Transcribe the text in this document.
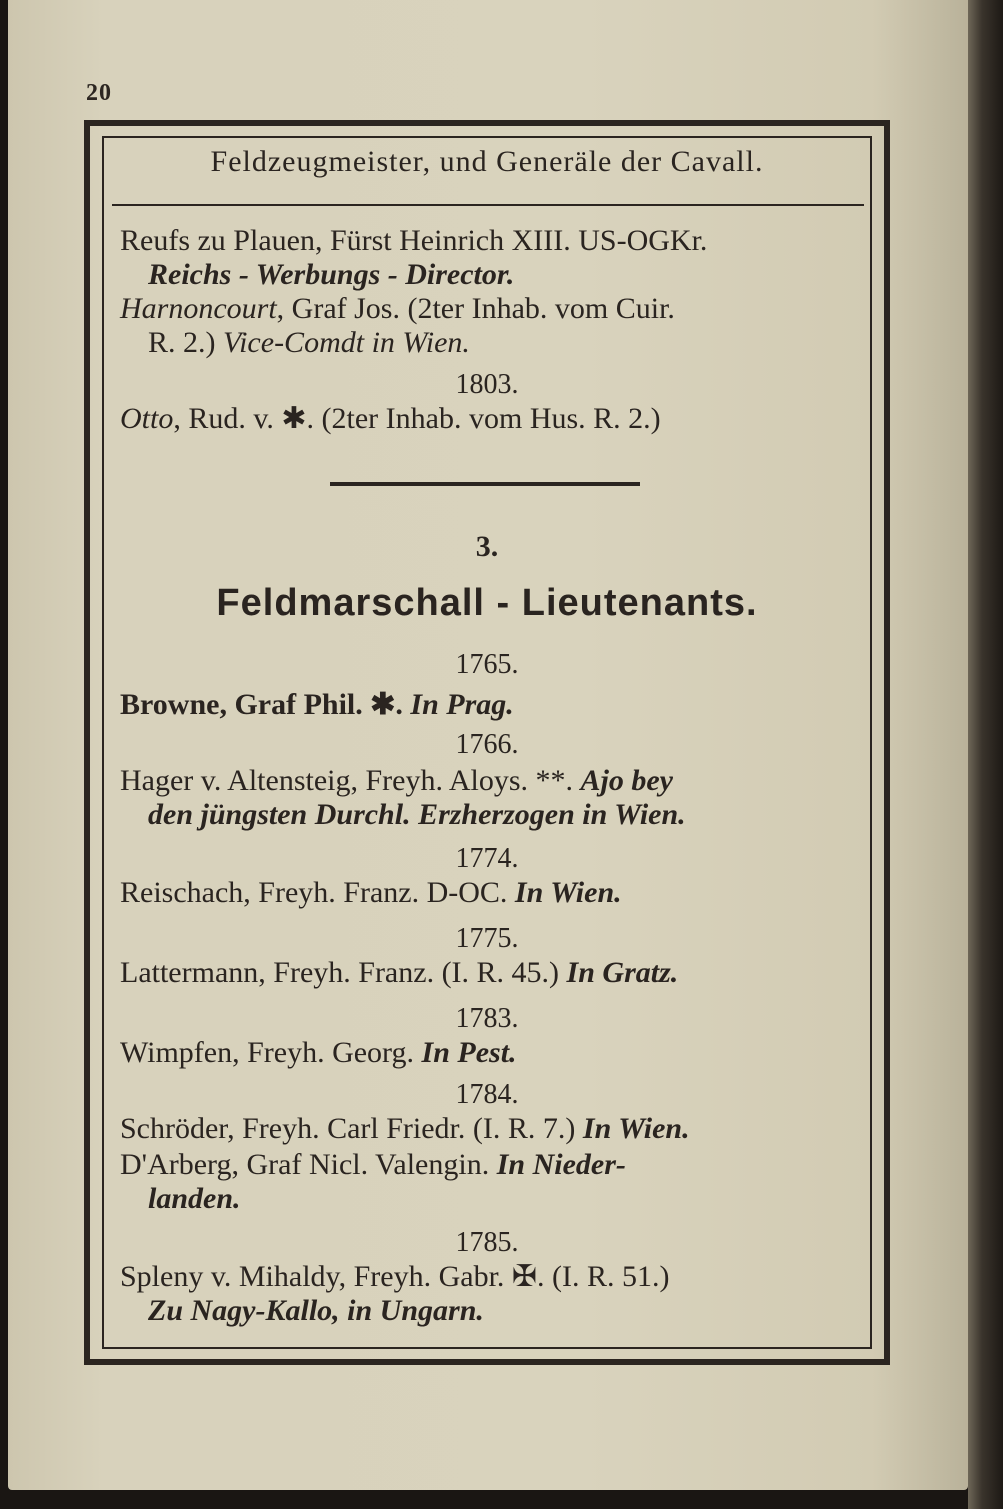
20
Feldzeugmeister, und Generäle der Cavall.
Reufs zu Plauen, Fürst Heinrich XIII. US-OGKr.
Reichs - Werbungs - Director.
Harnoncourt, Graf Jos. (2ter Inhab. vom Cuir.
R. 2.) Vice-Comdt in Wien.
1803.
Otto, Rud. v. ✱. (2ter Inhab. vom Hus. R. 2.)
3.
Feldmarschall - Lieutenants.
1765.
Browne, Graf Phil. ✱. In Prag.
1766.
Hager v. Altensteig, Freyh. Aloys. **. Ajo bey
den jüngsten Durchl. Erzherzogen in Wien.
1774.
Reischach, Freyh. Franz. D-OC. In Wien.
1775.
Lattermann, Freyh. Franz. (I. R. 45.) In Gratz.
1783.
Wimpfen, Freyh. Georg. In Pest.
1784.
Schröder, Freyh. Carl Friedr. (I. R. 7.) In Wien.
D'Arberg, Graf Nicl. Valengin. In Nieder-
landen.
1785.
Spleny v. Mihaldy, Freyh. Gabr. ✠. (I. R. 51.)
Zu Nagy-Kallo, in Ungarn.
